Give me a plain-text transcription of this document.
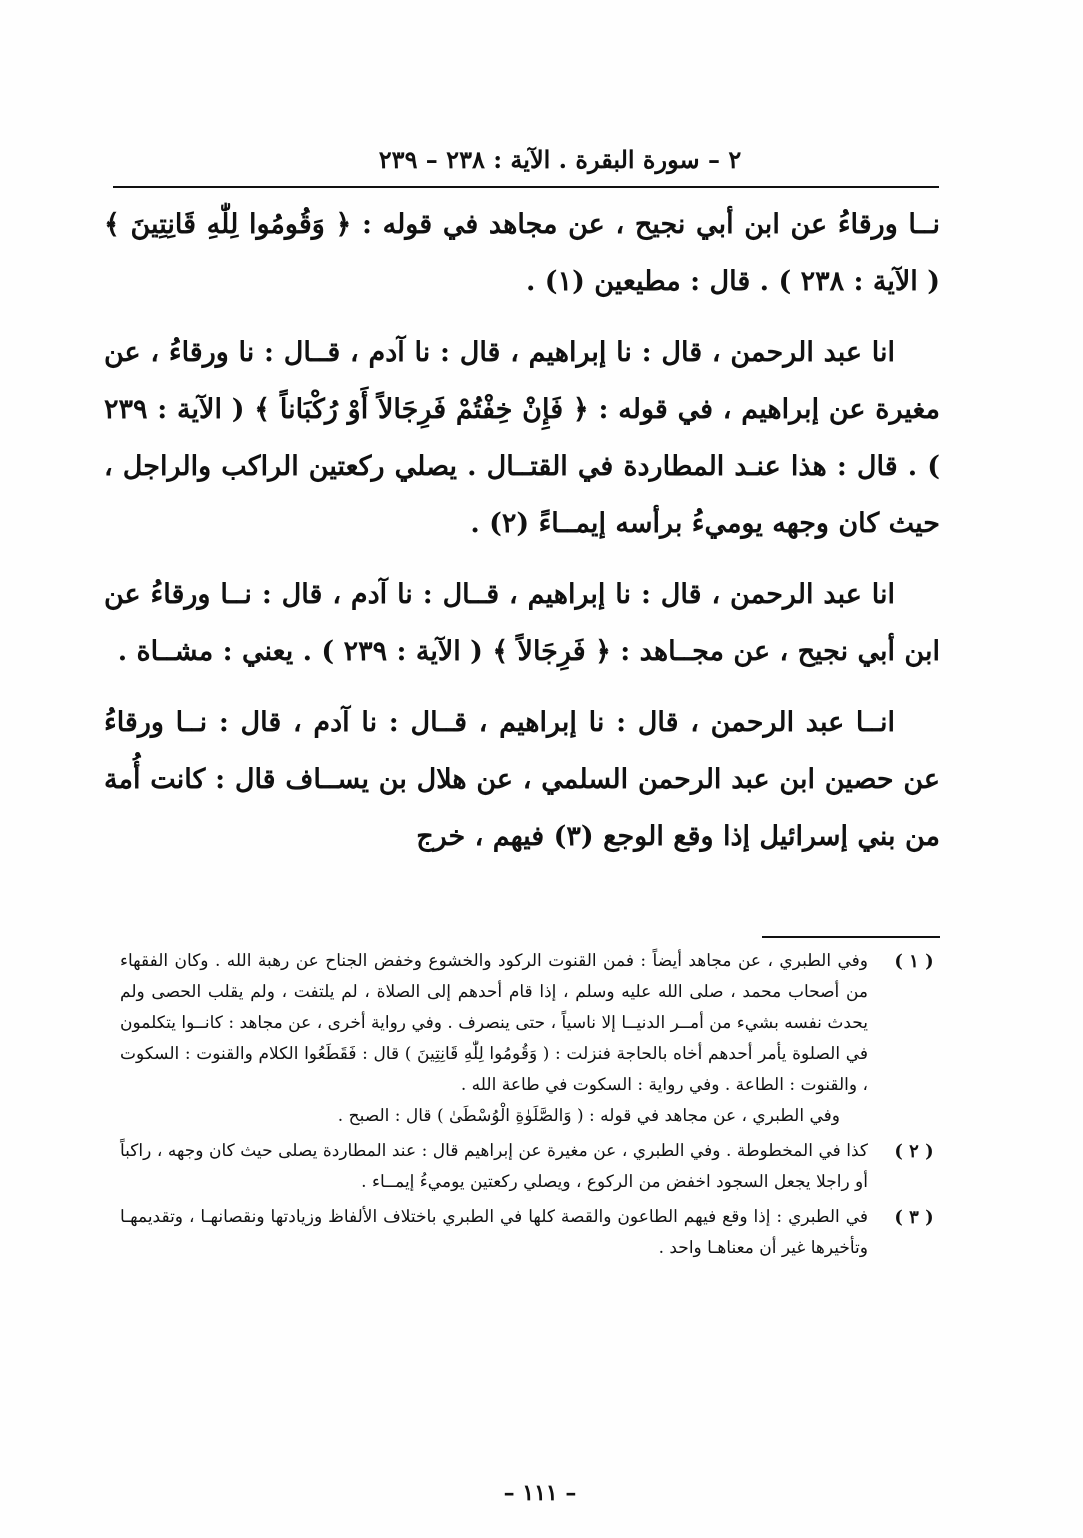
٢ – سورة البقرة . الآية : ٢٣٨ – ٢٣٩

نــا ورقاءُ عن ابن أبي نجيح ، عن مجاهد في قوله : ﴿ وَقُومُوا لِلّٰهِ قَانِتِينَ ﴾ ( الآية : ٢٣٨ ) . قال : مطيعين (١) .

انا عبد الرحمن ، قال : نا إبراهيم ، قال : نا آدم ، قــال : نا ورقاءُ ، عن مغيرة عن إبراهيم ، في قوله : ﴿ فَإِنْ خِفْتُمْ فَرِجَالاً أَوْ رُكْبَاناً ﴾ ( الآية : ٢٣٩ ) . قال : هذا عنـد المطاردة في القتــال . يصلي ركعتين الراكب والراجل ، حيث كان وجهه يوميءُ برأسه إيمــاءً (٢) .

انا عبد الرحمن ، قال : نا إبراهيم ، قــال : نا آدم ، قال : نــا ورقاءُ عن ابن أبي نجيح ، عن مجــاهد : ﴿ فَرِجَالاً ﴾ ( الآية : ٢٣٩ ) . يعني : مشــاة .

انــا عبد الرحمن ، قال : نا إبراهيم ، قــال : نا آدم ، قال : نــا ورقاءُ عن حصين ابن عبد الرحمن السلمي ، عن هلال بن يســاف قال : كانت أُمة من بني إسرائيل إذا وقع الوجع (٣) فيهم ، خرج

( ١ )

وفي الطبري ، عن مجاهد أيضاً : فمن القنوت الركود والخشوع وخفض الجناح عن رهبة الله . وكان الفقهاء من أصحاب محمد ، صلى الله عليه وسلم ، إذا قام أحدهم إلى الصلاة ، لم يلتفت ، ولم يقلب الحصى ولم يحدث نفسه بشيء من أمــر الدنيــا إلا ناسياً ، حتى ينصرف . وفي رواية أخرى ، عن مجاهد : كانــوا يتكلمون في الصلوة يأمر أحدهم أخاه بالحاجة فنزلت : ( وَقُومُوا لِلّٰهِ قَانِتِينَ ) قال : فَقَطَعُوا الكلام والقنوت : السكوت ، والقنوت : الطاعة . وفي رواية : السكوت في طاعة الله .

وفي الطبري ، عن مجاهد في قوله : ( وَالصَّلَوٰةِ الْوُسْطَىٰ ) قال : الصبح .

( ٢ )

كذا في المخطوطة . وفي الطبري ، عن مغيرة عن إبراهيم قال : عند المطاردة يصلى حيث كان وجهه ، راكباً أو راجلا يجعل السجود اخفض من الركوع ، ويصلي ركعتين يوميءُ إيمــاء .

( ٣ )

في الطبري : إذا وقع فيهم الطاعون والقصة كلها في الطبري باختلاف الألفاظ وزيادتها ونقصانهـا ، وتقديمهـا وتأخيرها غير أن معناهـا واحد .

– ١١١ –
